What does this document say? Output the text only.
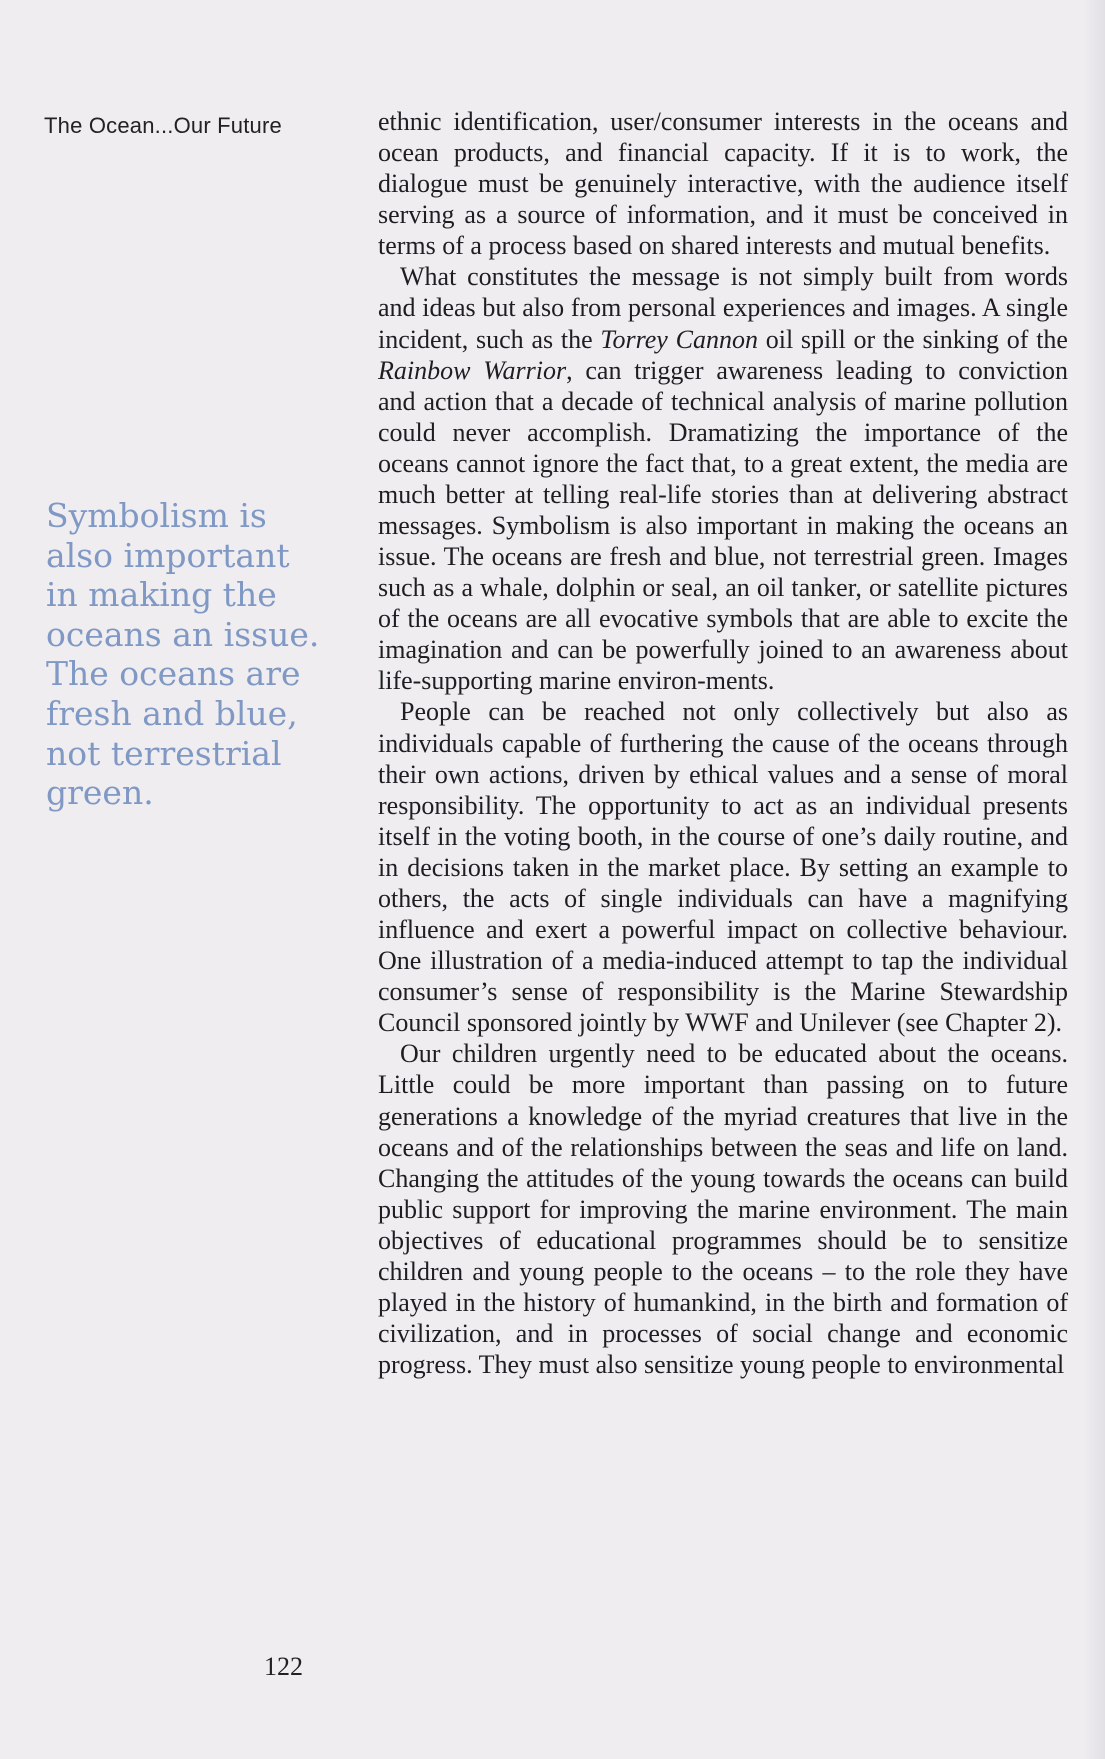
The Ocean...Our Future
Symbolism is
also important
in making the
oceans an issue.
The oceans are
fresh and blue,
not terrestrial
green.

ethnic identification, user/consumer interests in the oceans and ocean products, and financial capacity. If it is to work, the dialogue must be genuinely interactive, with the audience itself serving as a source of information, and it must be conceived in terms of a process based on shared interests and mutual benefits.

What constitutes the message is not simply built from words and ideas but also from personal experiences and images. A single incident, such as the Torrey Cannon oil spill or the sinking of the Rainbow Warrior, can trigger awareness leading to conviction and action that a decade of technical analysis of marine pollution could never accomplish. Dramatizing the importance of the oceans cannot ignore the fact that, to a great extent, the media are much better at telling real-life stories than at delivering abstract messages. Symbolism is also important in making the oceans an issue. The oceans are fresh and blue, not terrestrial green. Images such as a whale, dolphin or seal, an oil tanker, or satellite pictures of the oceans are all evocative symbols that are able to excite the imagination and can be powerfully joined to an awareness about life-supporting marine environ-ments.

People can be reached not only collectively but also as individuals capable of furthering the cause of the oceans through their own actions, driven by ethical values and a sense of moral responsibility. The opportunity to act as an individual presents itself in the voting booth, in the course of one’s daily routine, and in decisions taken in the market place. By setting an example to others, the acts of single individuals can have a magnifying influence and exert a powerful impact on collective behaviour. One illustration of a media-induced attempt to tap the individual consumer’s sense of responsibility is the Marine Stewardship Council sponsored jointly by WWF and Unilever (see Chapter 2).

Our children urgently need to be educated about the oceans. Little could be more important than passing on to future generations a knowledge of the myriad creatures that live in the oceans and of the relationships between the seas and life on land. Changing the attitudes of the young towards the oceans can build public support for improving the marine environment. The main objectives of educational programmes should be to sensitize children and young people to the oceans – to the role they have played in the history of humankind, in the birth and formation of civilization, and in processes of social change and economic progress. They must also sensitize young people to environmental

122
